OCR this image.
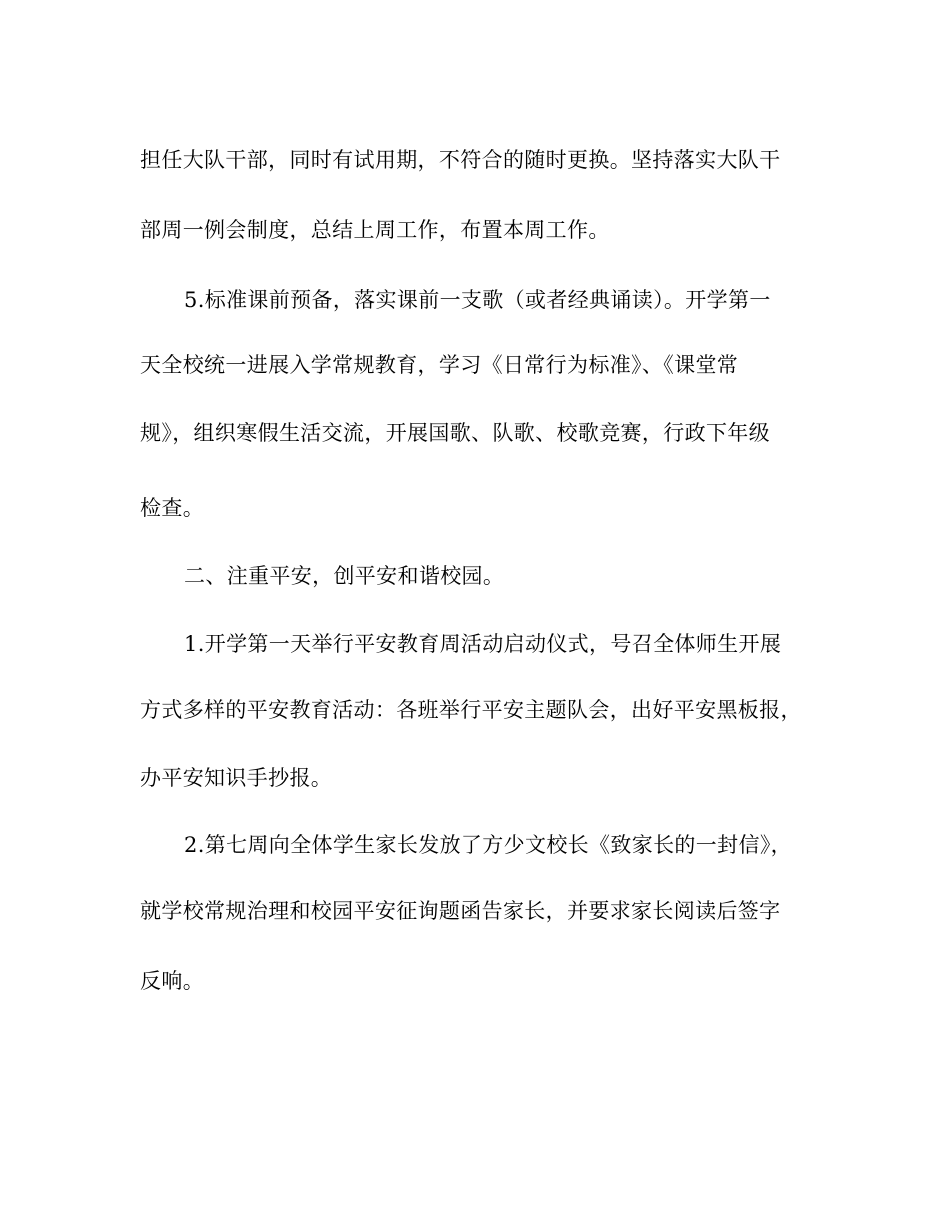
担任大队干部，同时有试用期，不符合的随时更换。坚持落实大队干

部周一例会制度，总结上周工作，布置本周工作。

5.标准课前预备，落实课前一支歌（或者经典诵读）。开学第一

天全校统一进展入学常规教育，学习《日常行为标准》、《课堂常

规》，组织寒假生活交流，开展国歌、队歌、校歌竞赛，行政下年级

检查。

二、注重平安，创平安和谐校园。

1.开学第一天举行平安教育周活动启动仪式，号召全体师生开展

方式多样的平安教育活动：各班举行平安主题队会，出好平安黑板报，

办平安知识手抄报。

2.第七周向全体学生家长发放了方少文校长《致家长的一封信》，

就学校常规治理和校园平安征询题函告家长，并要求家长阅读后签字

反响。
